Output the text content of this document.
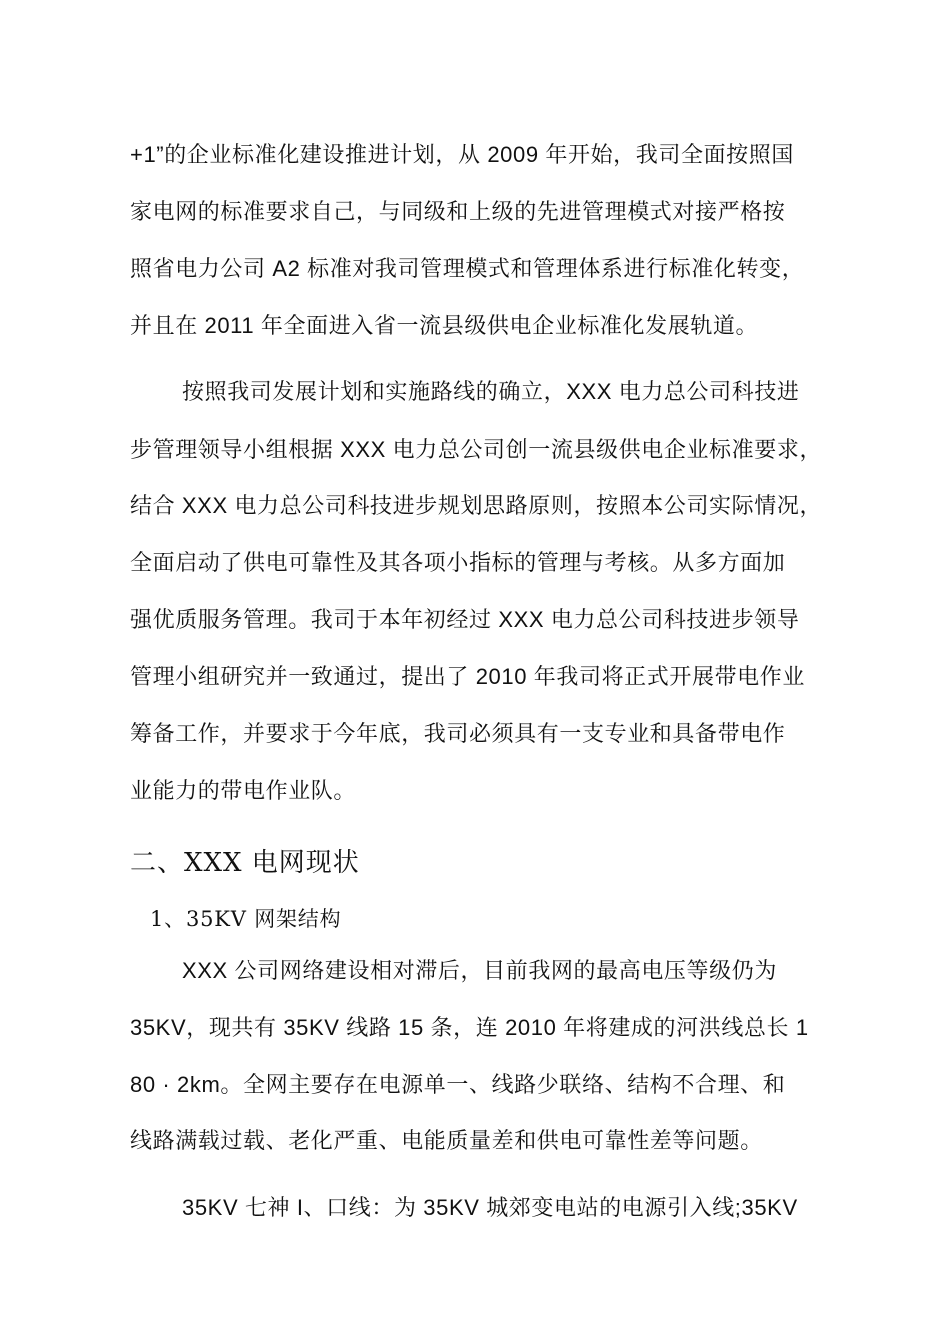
+1”的企业标准化建设推进计划，从 2009 年开始，我司全面按照国
家电网的标准要求自己，与同级和上级的先进管理模式对接严格按
照省电力公司 A2 标准对我司管理模式和管理体系进行标准化转变，
并且在 2011 年全面进入省一流县级供电企业标准化发展轨道。
按照我司发展计划和实施路线的确立，XXX 电力总公司科技进
步管理领导小组根据 XXX 电力总公司创一流县级供电企业标准要求，
结合 XXX 电力总公司科技进步规划思路原则，按照本公司实际情况，
全面启动了供电可靠性及其各项小指标的管理与考核。从多方面加
强优质服务管理。我司于本年初经过 XXX 电力总公司科技进步领导
管理小组研究并一致通过，提出了 2010 年我司将正式开展带电作业
筹备工作，并要求于今年底，我司必须具有一支专业和具备带电作
业能力的带电作业队。
二、XXX 电网现状
1、35KV 网架结构
XXX 公司网络建设相对滞后，目前我网的最高电压等级仍为
35KV，现共有 35KV 线路 15 条，连 2010 年将建成的河洪线总长 1
80 · 2km。全网主要存在电源单一、线路少联络、结构不合理、和
线路满载过载、老化严重、电能质量差和供电可靠性差等问题。
35KV 七神 I、口线：为 35KV 城郊变电站的电源引入线;35KV
